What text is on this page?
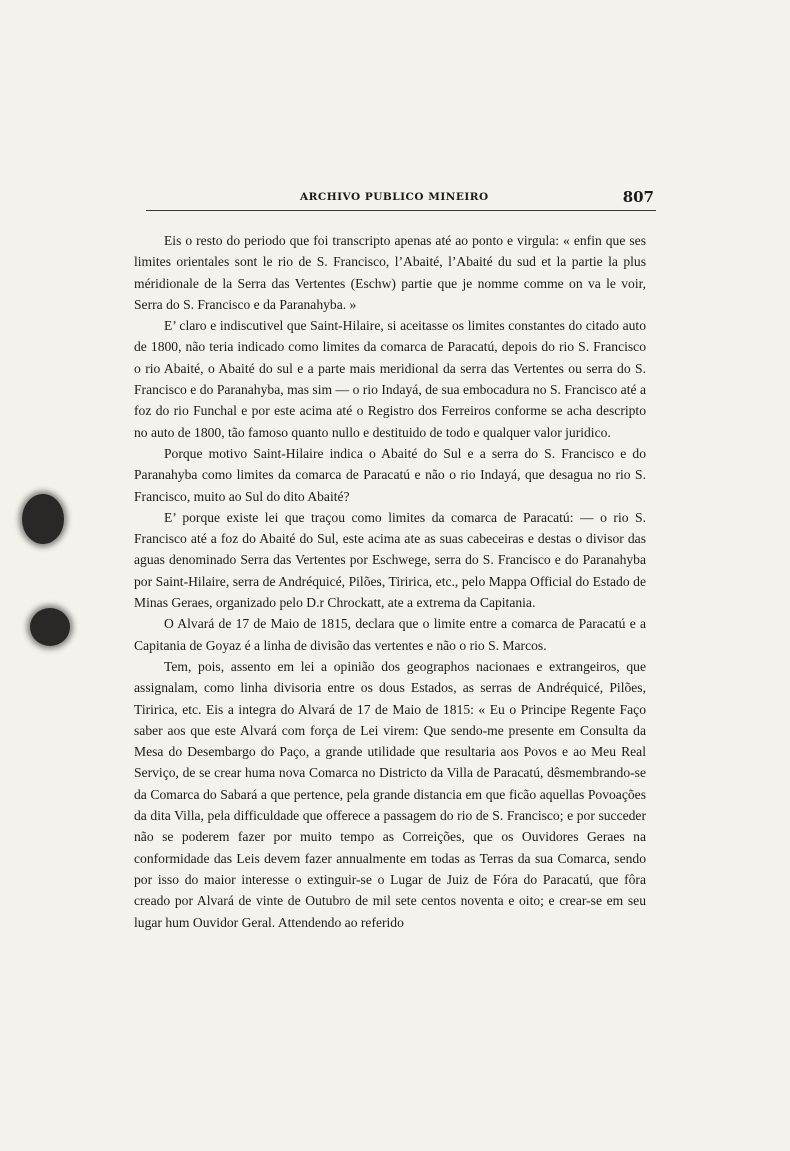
ARCHIVO PUBLICO MINEIRO	807

Eis o resto do periodo que foi transcripto apenas até ao ponto e virgula: « enfin que ses limites orientales sont le rio de S. Francisco, l’Abaité, l’Abaité du sud et la partie la plus méridionale de la Serra das Vertentes (Eschw) partie que je nomme comme on va le voir, Serra do S. Francisco e da Paranahyba. »

E’ claro e indiscutivel que Saint-Hilaire, si aceitasse os limites constantes do citado auto de 1800, não teria indicado como limites da comarca de Paracatú, depois do rio S. Francisco o rio Abaité, o Abaité do sul e a parte mais meridional da serra das Vertentes ou serra do S. Francisco e do Paranahyba, mas sim — o rio Indayá, de sua embocadura no S. Francisco até a foz do rio Funchal e por este acima até o Registro dos Ferreiros conforme se acha descripto no auto de 1800, tão famoso quanto nullo e destituido de todo e qualquer valor juridico.

Porque motivo Saint-Hilaire indica o Abaité do Sul e a serra do S. Francisco e do Paranahyba como limites da comarca de Paracatú e não o rio Indayá, que desagua no rio S. Francisco, muito ao Sul do dito Abaité?

E’ porque existe lei que traçou como limites da comarca de Paracatú: — o rio S. Francisco até a foz do Abaité do Sul, este acima ate as suas cabeceiras e destas o divisor das aguas denominado Serra das Vertentes por Eschwege, serra do S. Francisco e do Paranahyba por Saint-Hilaire, serra de Andréquicé, Pilões, Tiririca, etc., pelo Mappa Official do Estado de Minas Geraes, organizado pelo D.r Chrockatt, ate a extrema da Capitania.

O Alvará de 17 de Maio de 1815, declara que o limite entre a comarca de Paracatú e a Capitania de Goyaz é a linha de divisão das vertentes e não o rio S. Marcos.

Tem, pois, assento em lei a opinião dos geographos nacionaes e extrangeiros, que assignalam, como linha divisoria entre os dous Estados, as serras de Andréquicé, Pilões, Tiririca, etc. Eis a integra do Alvará de 17 de Maio de 1815: « Eu o Principe Regente Faço saber aos que este Alvará com força de Lei virem: Que sendo-me presente em Consulta da Mesa do Desembargo do Paço, a grande utilidade que resultaria aos Povos e ao Meu Real Serviço, de se crear huma nova Comarca no Districto da Villa de Paracatú, dêsmembrando-se da Comarca do Sabará a que pertence, pela grande distancia em que ficão aquellas Povoações da dita Villa, pela difficuldade que offerece a passagem do rio de S. Francisco; e por succeder não se poderem fazer por muito tempo as Correições, que os Ouvidores Geraes na conformidade das Leis devem fazer annualmente em todas as Terras da sua Comarca, sendo por isso do maior interesse o extinguir-se o Lugar de Juiz de Fóra do Paracatú, que fôra creado por Alvará de vinte de Outubro de mil sete centos noventa e oito; e crear-se em seu lugar hum Ouvidor Geral. Attendendo ao referido
